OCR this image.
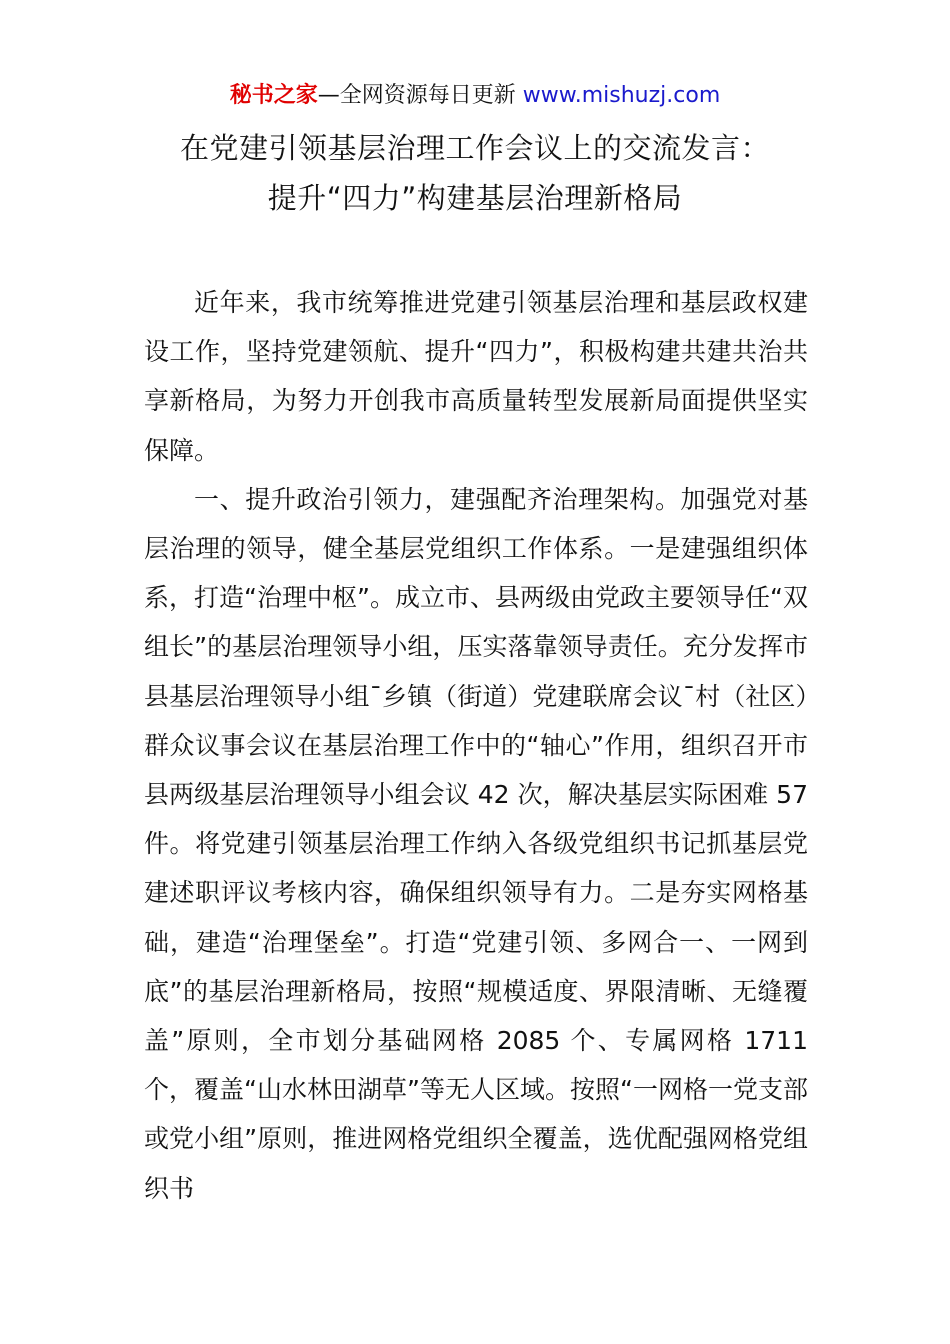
秘书之家—全网资源每日更新 www.mishuzj.com
在党建引领基层治理工作会议上的交流发言：
提升“四力”构建基层治理新格局

近年来，我市统筹推进党建引领基层治理和基层政权建设工作，坚持党建领航、提升“四力”，积极构建共建共治共享新格局，为努力开创我市高质量转型发展新局面提供坚实保障。

一、提升政治引领力，建强配齐治理架构。加强党对基层治理的领导，健全基层党组织工作体系。一是建强组织体系，打造“治理中枢”。成立市、县两级由党政主要领导任“双组长”的基层治理领导小组，压实落靠领导责任。充分发挥市县基层治理领导小组¯乡镇（街道）党建联席会议¯村（社区）群众议事会议在基层治理工作中的“轴心”作用，组织召开市县两级基层治理领导小组会议 42 次，解决基层实际困难 57 件。将党建引领基层治理工作纳入各级党组织书记抓基层党建述职评议考核内容，确保组织领导有力。二是夯实网格基础，建造“治理堡垒”。打造“党建引领、多网合一、一网到底”的基层治理新格局，按照“规模适度、界限清晰、无缝覆盖”原则，全市划分基础网格 2085 个、专属网格 1711 个，覆盖“山水林田湖草”等无人区域。按照“一网格一党支部或党小组”原则，推进网格党组织全覆盖，选优配强网格党组织书
